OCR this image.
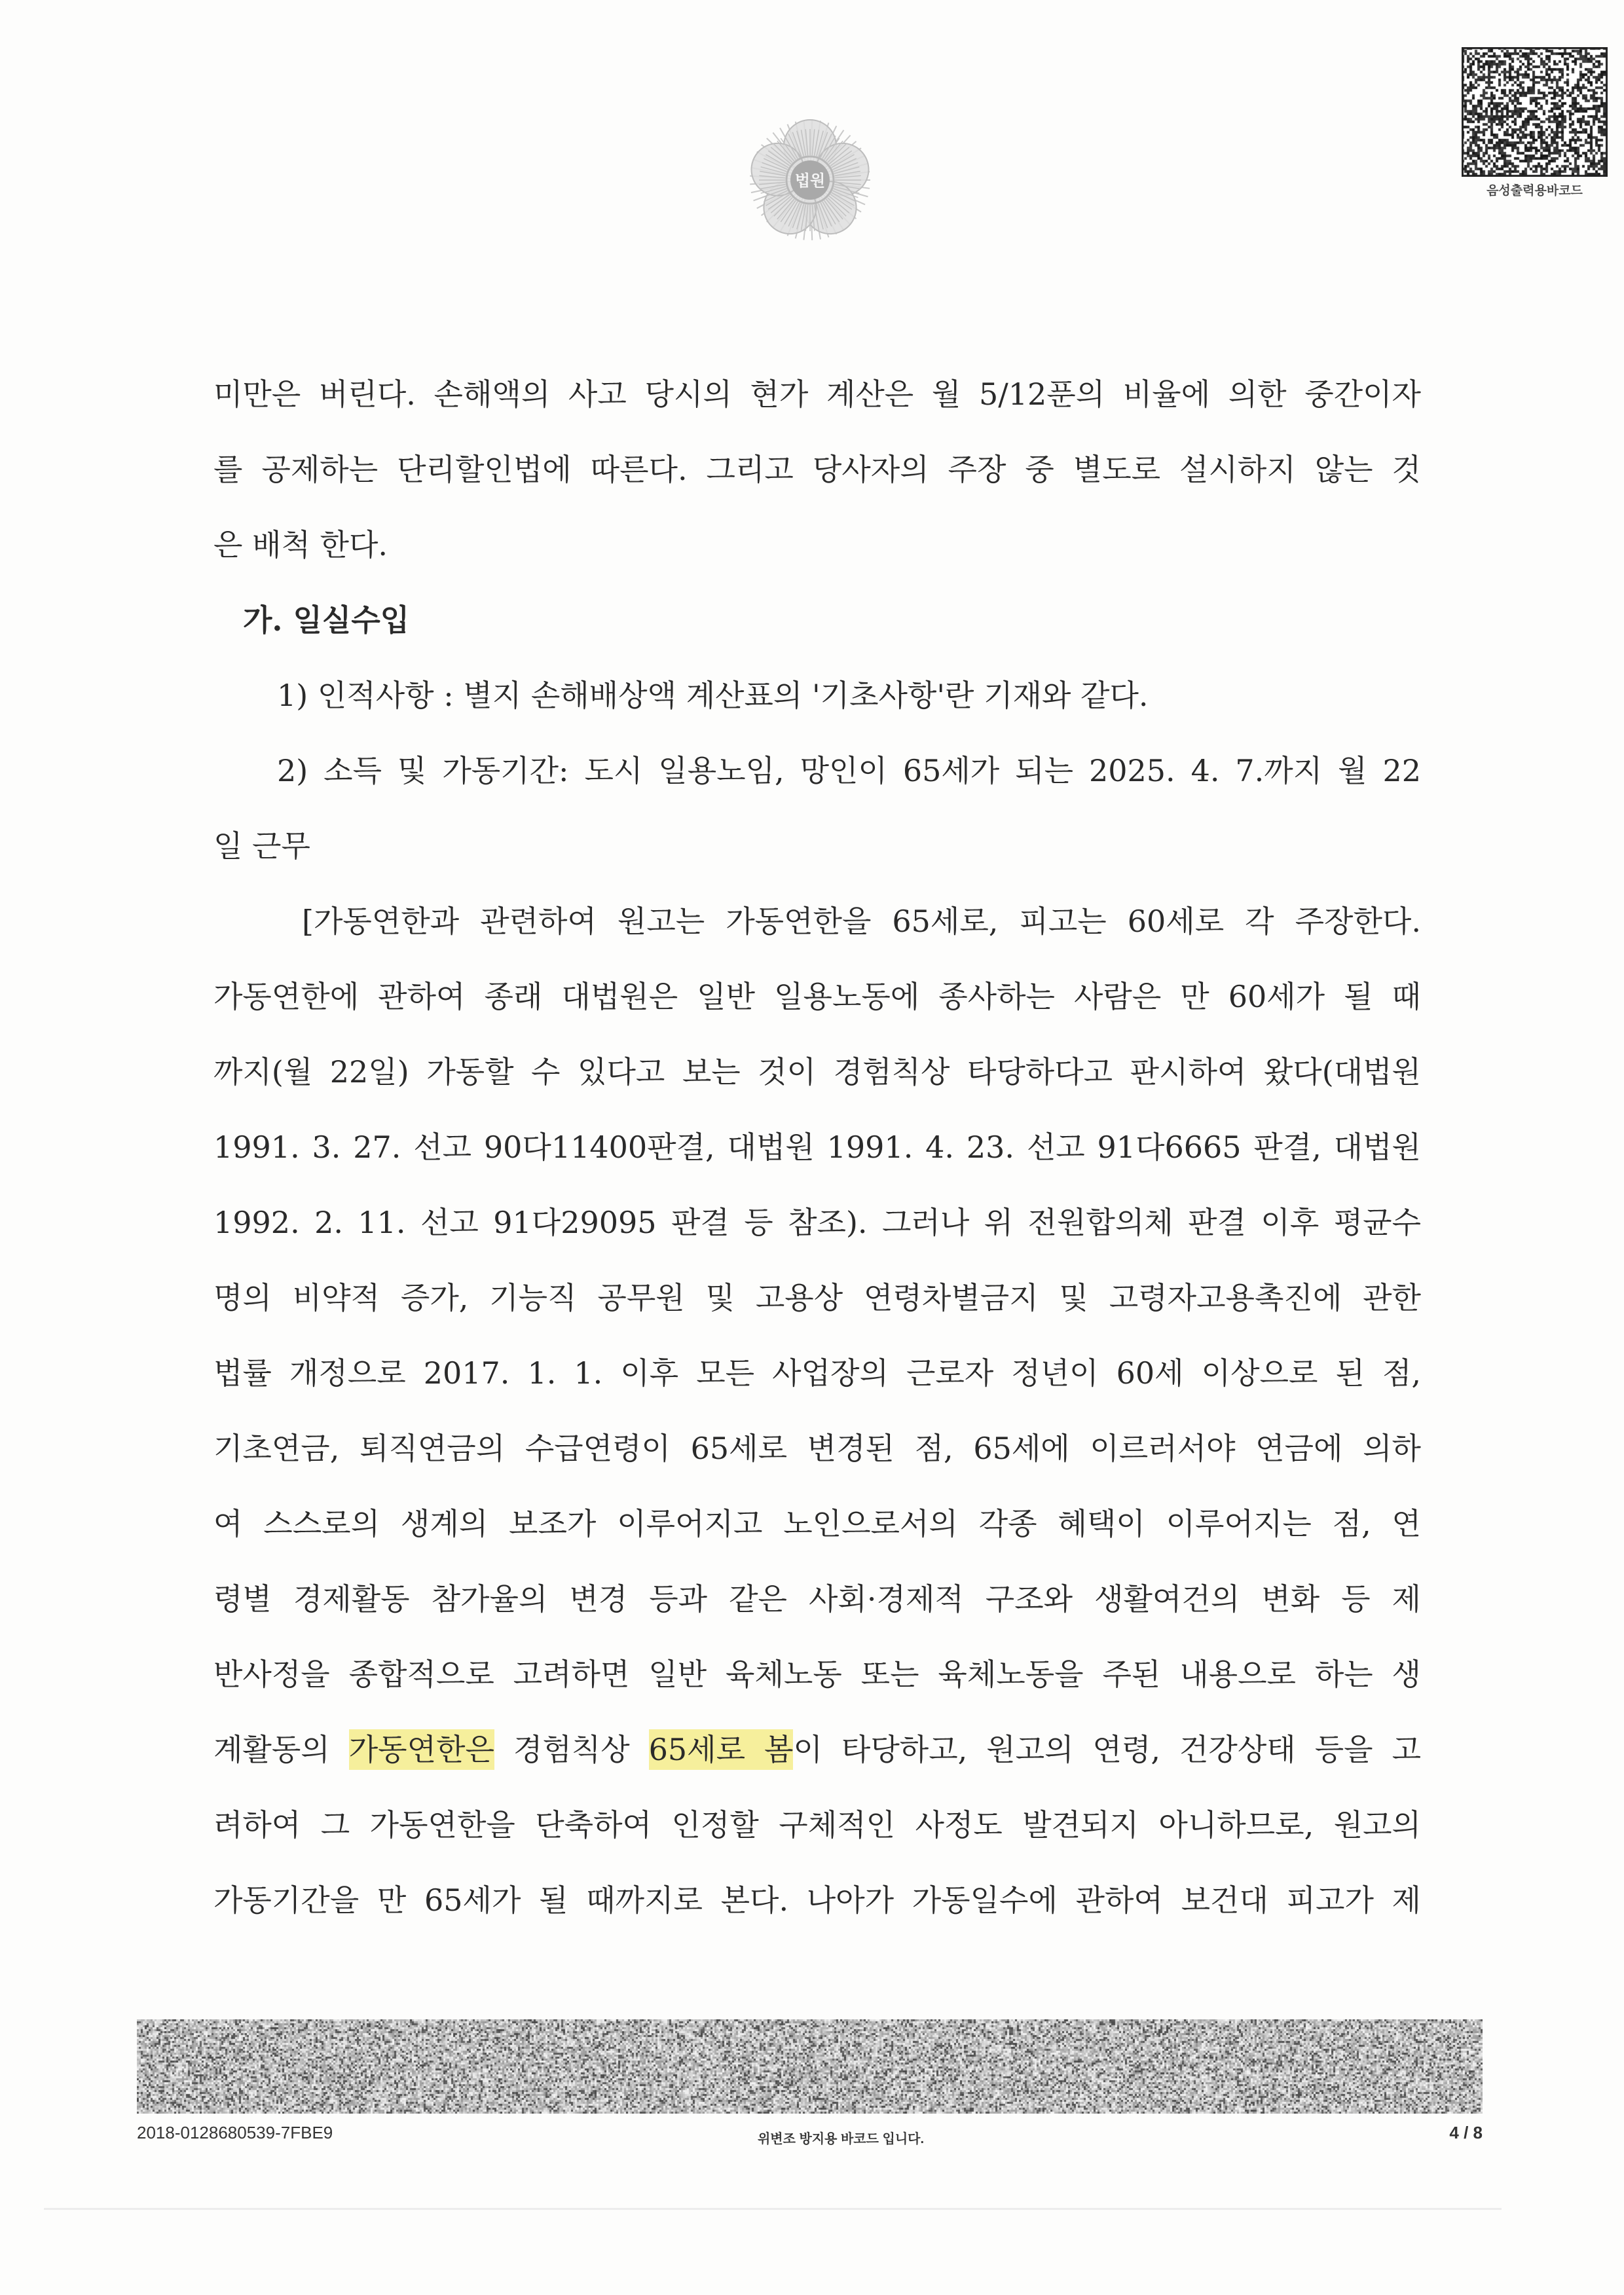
법원
음성출력용바코드
미만은 버린다. 손해액의 사고 당시의 현가 계산은 월 5/12푼의 비율에 의한 중간이자
를 공제하는 단리할인법에 따른다. 그리고 당사자의 주장 중 별도로 설시하지 않는 것
은 배척 한다.
가. 일실수입
1) 인적사항 : 별지 손해배상액 계산표의 '기초사항'란 기재와 같다.
2) 소득 및 가동기간: 도시 일용노임, 망인이 65세가 되는 2025. 4. 7.까지 월 22
일 근무
[가동연한과 관련하여 원고는 가동연한을 65세로, 피고는 60세로 각 주장한다.
가동연한에 관하여 종래 대법원은 일반 일용노동에 종사하는 사람은 만 60세가 될 때
까지(월 22일) 가동할 수 있다고 보는 것이 경험칙상 타당하다고 판시하여 왔다(대법원
1991. 3. 27. 선고 90다11400판결, 대법원 1991. 4. 23. 선고 91다6665 판결, 대법원
1992. 2. 11. 선고 91다29095 판결 등 참조). 그러나 위 전원합의체 판결 이후 평균수
명의 비약적 증가, 기능직 공무원 및 고용상 연령차별금지 및 고령자고용촉진에 관한
법률 개정으로 2017. 1. 1. 이후 모든 사업장의 근로자 정년이 60세 이상으로 된 점,
기초연금, 퇴직연금의 수급연령이 65세로 변경된 점, 65세에 이르러서야 연금에 의하
여 스스로의 생계의 보조가 이루어지고 노인으로서의 각종 혜택이 이루어지는 점, 연
령별 경제활동 참가율의 변경 등과 같은 사회·경제적 구조와 생활여건의 변화 등 제
반사정을 종합적으로 고려하면 일반 육체노동 또는 육체노동을 주된 내용으로 하는 생
계활동의 가동연한은 경험칙상 65세로 봄이 타당하고, 원고의 연령, 건강상태 등을 고
려하여 그 가동연한을 단축하여 인정할 구체적인 사정도 발견되지 아니하므로, 원고의
가동기간을 만 65세가 될 때까지로 본다. 나아가 가동일수에 관하여 보건대 피고가 제
2018-0128680539-7FBE9	위변조 방지용 바코드 입니다.	4 / 8
